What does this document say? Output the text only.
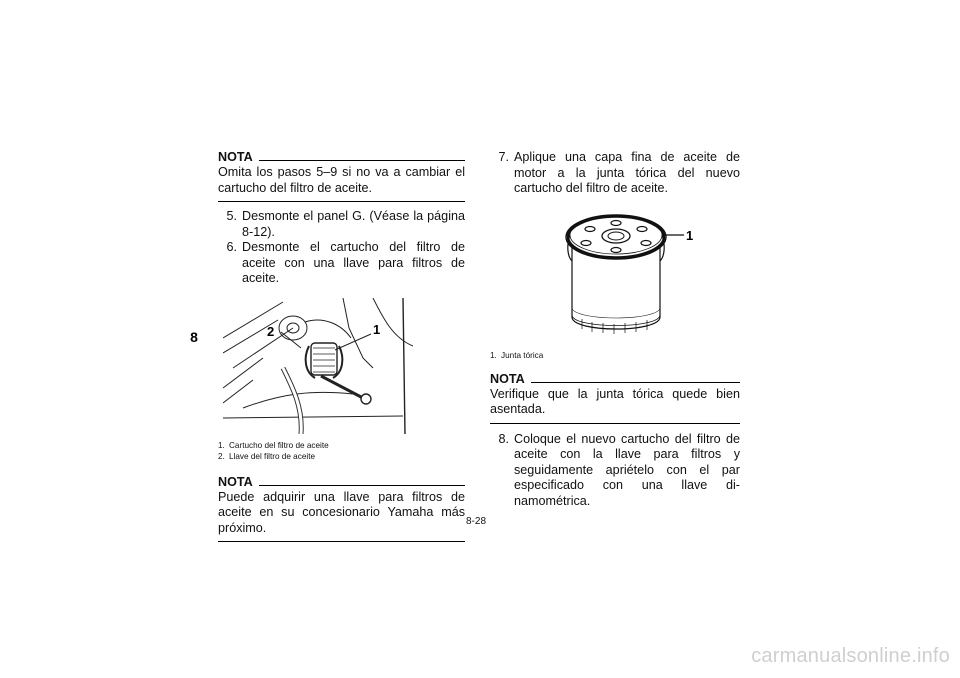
8
NOTA
Omita los pasos 5–9 si no va a cambiar el cartucho del filtro de aceite.
5. Desmonte el panel G. (Véase la página 8-12).
6. Desmonte el cartucho del filtro de aceite con una llave para filtros de aceite.
2	1
1. Cartucho del filtro de aceite
2. Llave del filtro de aceite
NOTA
Puede adquirir una llave para filtros de aceite en su concesionario Yamaha más próximo.
7. Aplique una capa fina de aceite de motor a la junta tórica del nuevo cartucho del filtro de aceite.
1
1. Junta tórica
NOTA
Verifique que la junta tórica quede bien asentada.
8. Coloque el nuevo cartucho del filtro de aceite con la llave para filtros y seguidamente apriételo con el par especificado con una llave dinamométrica.
8-28
carmanualsonline.info
